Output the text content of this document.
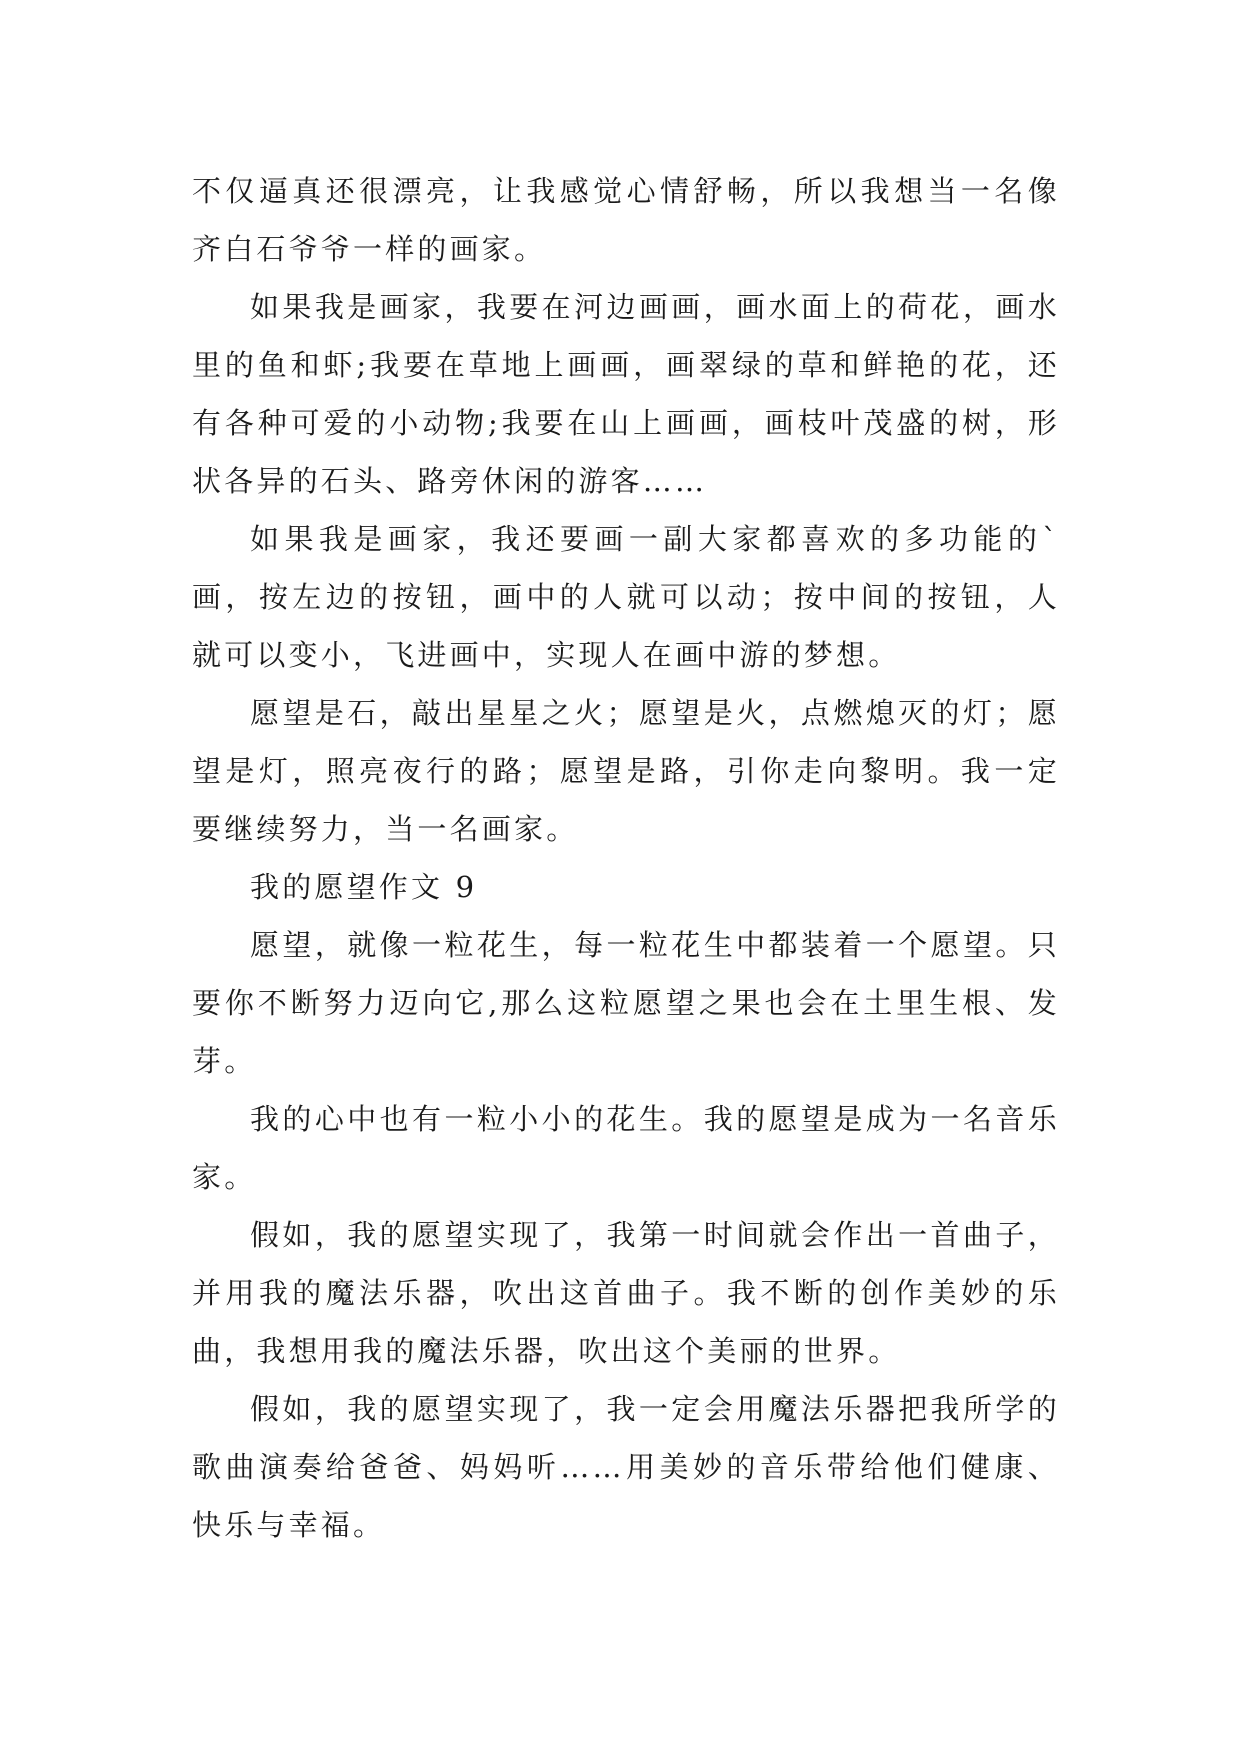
不仅逼真还很漂亮，让我感觉心情舒畅，所以我想当一名像齐白石爷爷一样的画家。

如果我是画家，我要在河边画画，画水面上的荷花，画水里的鱼和虾;我要在草地上画画，画翠绿的草和鲜艳的花，还有各种可爱的小动物;我要在山上画画，画枝叶茂盛的树，形状各异的石头、路旁休闲的游客……

如果我是画家，我还要画一副大家都喜欢的多功能的`画，按左边的按钮，画中的人就可以动；按中间的按钮，人就可以变小，飞进画中，实现人在画中游的梦想。

愿望是石，敲出星星之火；愿望是火，点燃熄灭的灯；愿望是灯，照亮夜行的路；愿望是路，引你走向黎明。我一定要继续努力，当一名画家。

我的愿望作文 9

愿望，就像一粒花生，每一粒花生中都装着一个愿望。只要你不断努力迈向它,那么这粒愿望之果也会在土里生根、发芽。

我的心中也有一粒小小的花生。我的愿望是成为一名音乐家。

假如，我的愿望实现了，我第一时间就会作出一首曲子，并用我的魔法乐器，吹出这首曲子。我不断的创作美妙的乐曲，我想用我的魔法乐器，吹出这个美丽的世界。

假如，我的愿望实现了，我一定会用魔法乐器把我所学的歌曲演奏给爸爸、妈妈听……用美妙的音乐带给他们健康、快乐与幸福。
